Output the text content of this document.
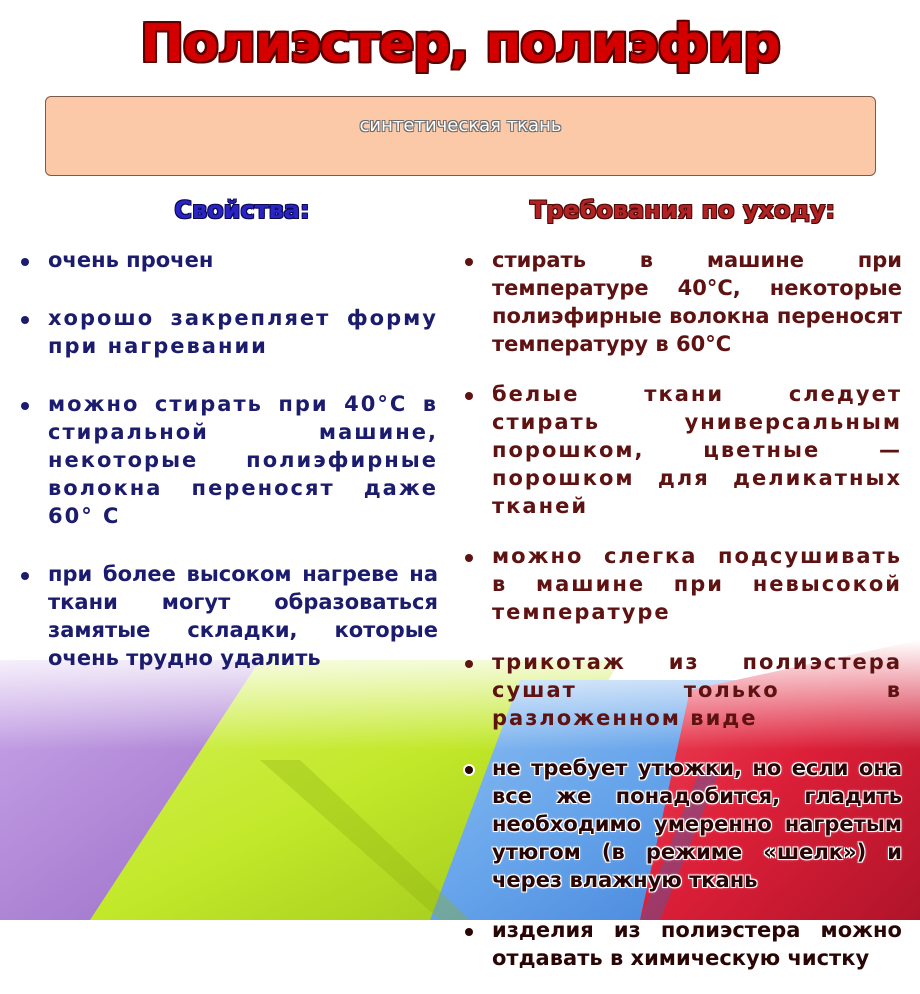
Полиэстер, полиэфир
синтетическая ткань
Свойства:	Требования по уходу:
очень прочен
хорошо закрепляет форму при нагревании
можно стирать при 40°С в стиральной машине, некоторые полиэфирные волокна переносят даже 60° С
при более высоком нагреве на ткани могут образоваться замятые складки, которые очень трудно удалить
стирать в машине при температуре 40°С, некоторые полиэфирные волокна переносят температуру в 60°С
белые ткани следует стирать универсальным порошком, цветные — порошком для деликатных тканей
можно слегка подсушивать в машине при невысокой температуре
трикотаж из полиэстера сушат только в разложенном виде
не требует утюжки, но если она все же понадобится, гладить необходимо умеренно нагретым утюгом (в режиме «шелк») и через влажную ткань
изделия из полиэстера можно отдавать в химическую чистку
